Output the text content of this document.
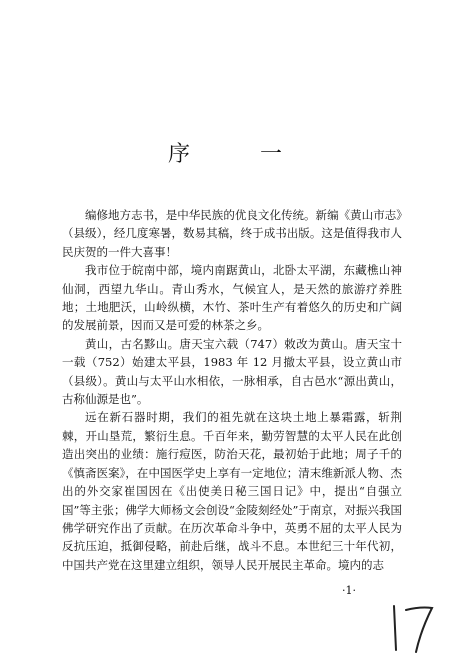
序　一

编修地方志书，是中华民族的优良文化传统。新编《黄山市志》（县级），经几度寒暑，数易其稿，终于成书出版。这是值得我市人民庆贺的一件大喜事！

我市位于皖南中部，境内南踞黄山，北卧太平湖，东藏樵山神仙洞，西望九华山。青山秀水，气候宜人，是天然的旅游疗养胜地；土地肥沃，山岭纵横，木竹、茶叶生产有着悠久的历史和广阔的发展前景，因而又是可爱的林茶之乡。

黄山，古名黟山。唐天宝六载（747）敕改为黄山。唐天宝十一载（752）始建太平县，1983 年 12 月撤太平县，设立黄山市（县级）。黄山与太平山水相依，一脉相承，自古邑水“源出黄山，古称仙源是也”。

远在新石器时期，我们的祖先就在这块土地上暴霜露，斩荆棘，开山垦荒，繁衍生息。千百年来，勤劳智慧的太平人民在此创造出突出的业绩：施行痘医，防治天花，最初始于此地；周子千的《慎斋医案》，在中国医学史上享有一定地位；清末维新派人物、杰出的外交家崔国因在《出使美日秘三国日记》中，提出“自强立国”等主张；佛学大师杨文会创设“金陵刻经处”于南京，对振兴我国佛学研究作出了贡献。在历次革命斗争中，英勇不屈的太平人民为反抗压迫，抵御侵略，前赴后继，战斗不息。本世纪三十年代初，中国共产党在这里建立组织，领导人民开展民主革命。境内的志

·1·
